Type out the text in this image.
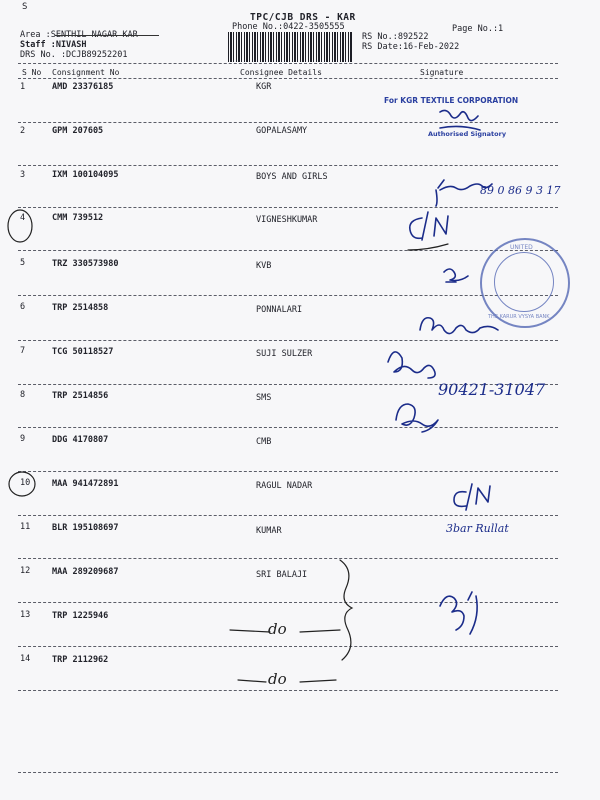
S
TPC/CJB DRS - KAR
Phone No.:0422-3505555	Page No.:1
Area :SENTHIL NAGAR KAR
Staff :NIVASH
DRS No. :DCJB89252201
RS No.:892522
RS Date:16-Feb-2022
S No Consignment No	Consignee Details	Signature
1	AMD 23376185	KGR
2	GPM 207605	GOPALASAMY
3	IXM 100104095	BOYS AND GIRLS
4	CMM 739512	VIGNESHKUMAR
5	TRZ 330573980	KVB
6	TRP 2514858	PONNALARI
7	TCG 50118527	SUJI SULZER
8	TRP 2514856	SMS
9	DDG 4170807	CMB
10	MAA 941472891	RAGUL NADAR
11	BLR 195108697	KUMAR
12	MAA 289209687	SRI BALAJI
13	TRP 1225946
14	TRP 2112962
For KGR TEXTILE CORPORATION
Authorised Signatory
89 0 86 9 3 17
90421-31047
3bar Rullat
do
do
UNITED
THE KARUR VYSYA BANK
